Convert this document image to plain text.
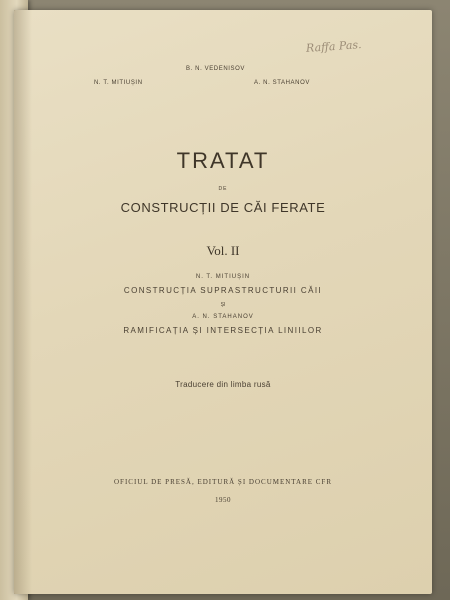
Raffa Pas.
B. N. VEDENISOV
N. T. MITIUȘIN	A. N. STAHANOV
TRATAT
DE
CONSTRUCȚII DE CĂI FERATE
Vol. II
N. T. MITIUȘIN
CONSTRUCȚIA SUPRASTRUCTURII CĂII
ȘI
A. N. STAHANOV
RAMIFICAȚIA ȘI INTERSECȚIA LINIILOR
Traducere din limba rusă
OFICIUL DE PRESĂ, EDITURĂ ȘI DOCUMENTARE CFR
1950
